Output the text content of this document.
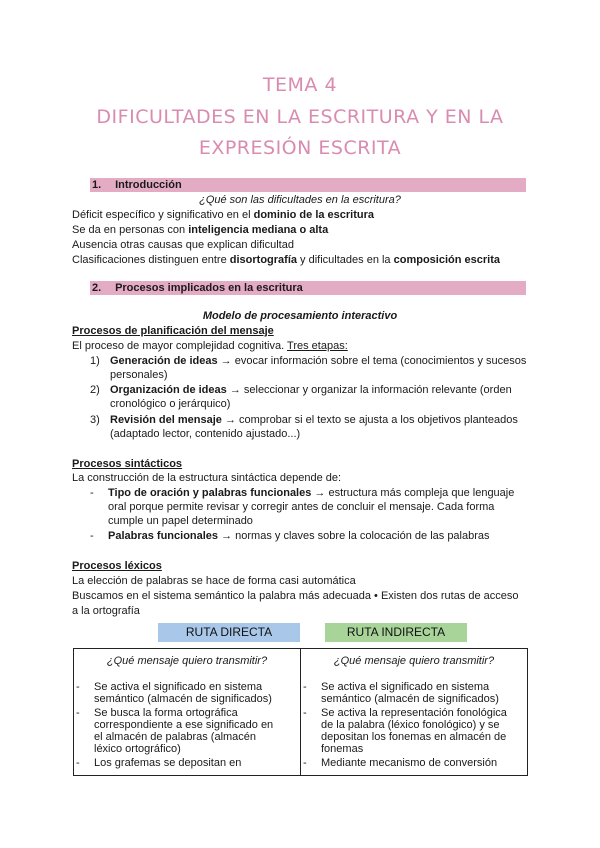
TEMA 4
DIFICULTADES EN LA ESCRITURA Y EN LA
EXPRESIÓN ESCRITA
1. Introducción
¿Qué son las dificultades en la escritura?
Déficit específico y significativo en el dominio de la escritura
Se da en personas con inteligencia mediana o alta
Ausencia otras causas que explican dificultad
Clasificaciones distinguen entre disortografía y dificultades en la composición escrita
2. Procesos implicados en la escritura
Modelo de procesamiento interactivo
Procesos de planificación del mensaje
El proceso de mayor complejidad cognitiva. Tres etapas:
1) Generación de ideas → evocar información sobre el tema (conocimientos y sucesos personales)
2) Organización de ideas → seleccionar y organizar la información relevante (orden cronológico o jerárquico)
3) Revisión del mensaje → comprobar si el texto se ajusta a los objetivos planteados (adaptado lector, contenido ajustado...)
Procesos sintácticos
La construcción de la estructura sintáctica depende de:
- Tipo de oración y palabras funcionales → estructura más compleja que lenguaje oral porque permite revisar y corregir antes de concluir el mensaje. Cada forma cumple un papel determinado
- Palabras funcionales → normas y claves sobre la colocación de las palabras
Procesos léxicos
La elección de palabras se hace de forma casi automática
Buscamos en el sistema semántico la palabra más adecuada • Existen dos rutas de acceso
a la ortografía
RUTA DIRECTA	RUTA INDIRECTA
¿Qué mensaje quiero transmitir?
- Se activa el significado en sistema semántico (almacén de significados)
- Se busca la forma ortográfica correspondiente a ese significado en el almacén de palabras (almacén léxico ortográfico)
- Los grafemas se depositan en
¿Qué mensaje quiero transmitir?
- Se activa el significado en sistema semántico (almacén de significados)
- Se activa la representación fonológica de la palabra (léxico fonológico) y se depositan los fonemas en almacén de fonemas
- Mediante mecanismo de conversión
